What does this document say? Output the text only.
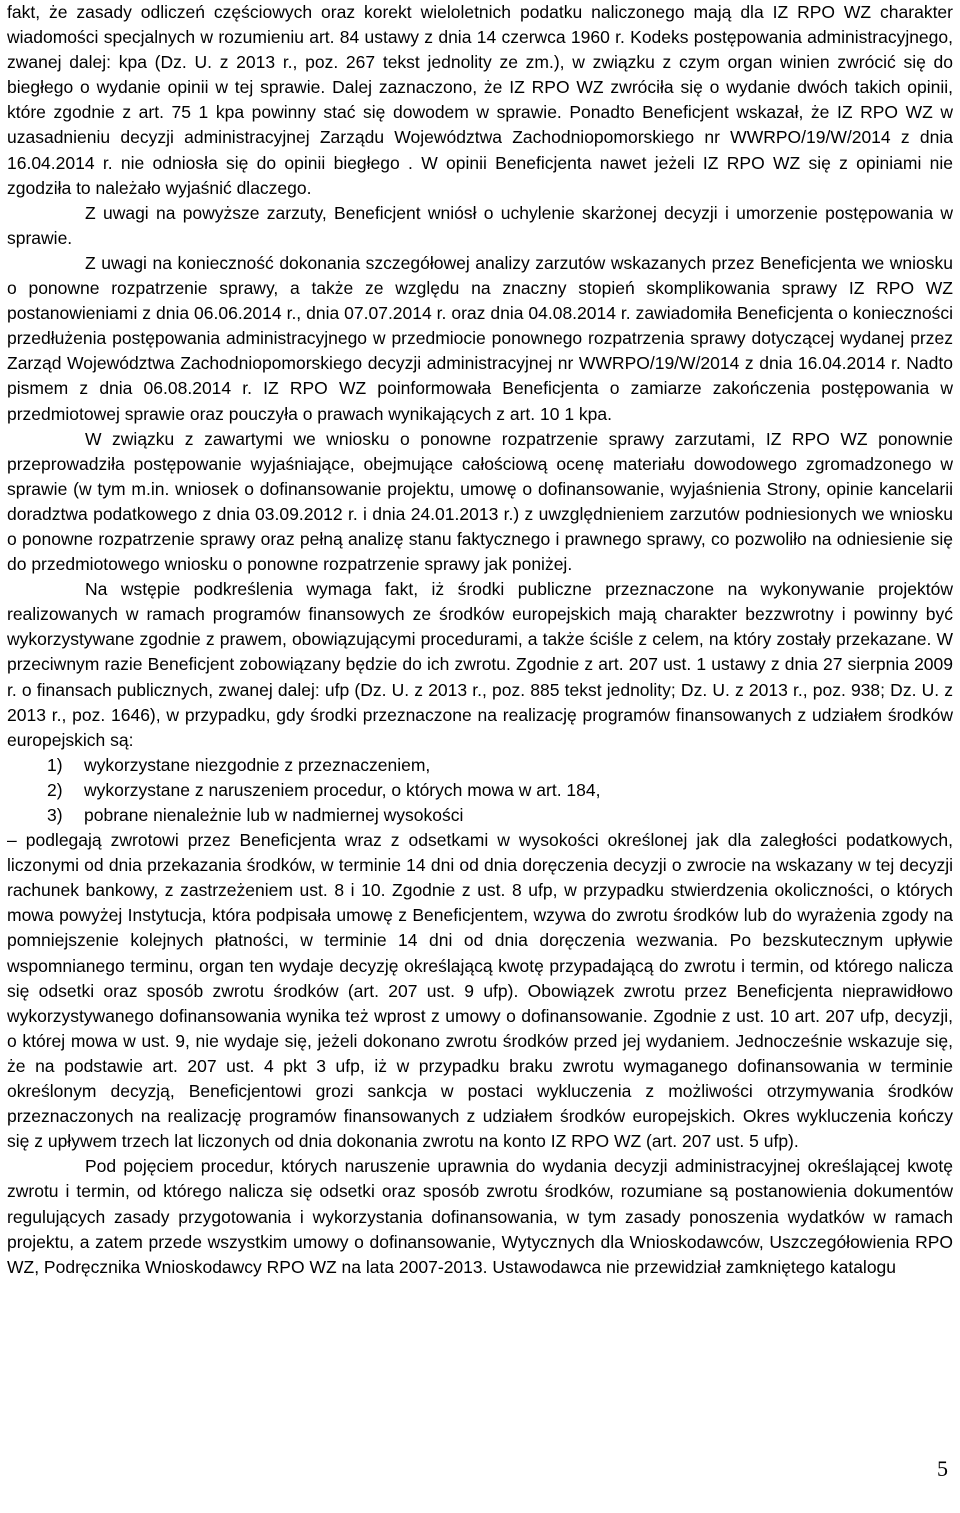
fakt, że zasady odliczeń częściowych oraz korekt wieloletnich podatku naliczonego mają dla IZ RPO WZ charakter wiadomości specjalnych w rozumieniu art. 84 ustawy z dnia 14 czerwca 1960 r. Kodeks postępowania administracyjnego, zwanej dalej: kpa (Dz. U. z 2013 r., poz. 267 tekst jednolity ze zm.), w związku z czym organ winien zwrócić się do biegłego o wydanie opinii w tej sprawie. Dalej zaznaczono, że IZ RPO WZ zwróciła się o wydanie dwóch takich opinii, które zgodnie z art. 75 1 kpa powinny stać się dowodem w sprawie. Ponadto Beneficjent wskazał, że IZ RPO WZ w uzasadnieniu decyzji administracyjnej Zarządu Województwa Zachodniopomorskiego nr WWRPO/19/W/2014 z dnia 16.04.2014 r. nie odniosła się do opinii biegłego . W opinii Beneficjenta nawet jeżeli IZ RPO WZ się z opiniami nie zgodziła to należało wyjaśnić dlaczego.

Z uwagi na powyższe zarzuty, Beneficjent wniósł o uchylenie skarżonej decyzji i umorzenie postępowania w sprawie.

Z uwagi na konieczność dokonania szczegółowej analizy zarzutów wskazanych przez Beneficjenta we wniosku o ponowne rozpatrzenie sprawy, a także ze względu na znaczny stopień skomplikowania sprawy IZ RPO WZ postanowieniami z dnia 06.06.2014 r., dnia 07.07.2014 r. oraz dnia 04.08.2014 r. zawiadomiła Beneficjenta o konieczności przedłużenia postępowania administracyjnego w przedmiocie ponownego rozpatrzenia sprawy dotyczącej wydanej przez Zarząd Województwa Zachodniopomorskiego decyzji administracyjnej nr WWRPO/19/W/2014 z dnia 16.04.2014 r. Nadto pismem z dnia 06.08.2014 r. IZ RPO WZ poinformowała Beneficjenta o zamiarze zakończenia postępowania w przedmiotowej sprawie oraz pouczyła o prawach wynikających z art. 10 1 kpa.

W związku z zawartymi we wniosku o ponowne rozpatrzenie sprawy zarzutami, IZ RPO WZ ponownie przeprowadziła postępowanie wyjaśniające, obejmujące całościową ocenę materiału dowodowego zgromadzonego w sprawie (w tym m.in. wniosek o dofinansowanie projektu, umowę o dofinansowanie, wyjaśnienia Strony, opinie kancelarii doradztwa podatkowego z dnia 03.09.2012 r. i dnia 24.01.2013 r.) z uwzględnieniem zarzutów podniesionych we wniosku o ponowne rozpatrzenie sprawy oraz pełną analizę stanu faktycznego i prawnego sprawy, co pozwoliło na odniesienie się do przedmiotowego wniosku o ponowne rozpatrzenie sprawy jak poniżej.

Na wstępie podkreślenia wymaga fakt, iż środki publiczne przeznaczone na wykonywanie projektów realizowanych w ramach programów finansowych ze środków europejskich mają charakter bezzwrotny i powinny być wykorzystywane zgodnie z prawem, obowiązującymi procedurami, a także ściśle z celem, na który zostały przekazane. W przeciwnym razie Beneficjent zobowiązany będzie do ich zwrotu. Zgodnie z art. 207 ust. 1 ustawy z dnia 27 sierpnia 2009 r. o finansach publicznych, zwanej dalej: ufp (Dz. U. z 2013 r., poz. 885 tekst jednolity; Dz. U. z 2013 r., poz. 938; Dz. U. z 2013 r., poz. 1646), w przypadku, gdy środki przeznaczone na realizację programów finansowanych z udziałem środków europejskich są:

1)	wykorzystane niezgodnie z przeznaczeniem,
2)	wykorzystane z naruszeniem procedur, o których mowa w art. 184,
3)	pobrane nienależnie lub w nadmiernej wysokości

– podlegają zwrotowi przez Beneficjenta wraz z odsetkami w wysokości określonej jak dla zaległości podatkowych, liczonymi od dnia przekazania środków, w terminie 14 dni od dnia doręczenia decyzji o zwrocie na wskazany w tej decyzji rachunek bankowy, z zastrzeżeniem ust. 8 i 10. Zgodnie z ust. 8 ufp, w przypadku stwierdzenia okoliczności, o których mowa powyżej Instytucja, która podpisała umowę z Beneficjentem, wzywa do zwrotu środków lub do wyrażenia zgody na pomniejszenie kolejnych płatności, w terminie 14 dni od dnia doręczenia wezwania. Po bezskutecznym upływie wspomnianego terminu, organ ten wydaje decyzję określającą kwotę przypadającą do zwrotu i termin, od którego nalicza się odsetki oraz sposób zwrotu środków (art. 207 ust. 9 ufp). Obowiązek zwrotu przez Beneficjenta nieprawidłowo wykorzystywanego dofinansowania wynika też wprost z umowy o dofinansowanie. Zgodnie z ust. 10 art. 207 ufp, decyzji, o której mowa w ust. 9, nie wydaje się, jeżeli dokonano zwrotu środków przed jej wydaniem. Jednocześnie wskazuje się, że na podstawie art. 207 ust. 4 pkt 3 ufp, iż w przypadku braku zwrotu wymaganego dofinansowania w terminie określonym decyzją, Beneficjentowi grozi sankcja w postaci wykluczenia z możliwości otrzymywania środków przeznaczonych na realizację programów finansowanych z udziałem środków europejskich. Okres wykluczenia kończy się z upływem trzech lat liczonych od dnia dokonania zwrotu na konto IZ RPO WZ (art. 207 ust. 5 ufp).

Pod pojęciem procedur, których naruszenie uprawnia do wydania decyzji administracyjnej określającej kwotę zwrotu i termin, od którego nalicza się odsetki oraz sposób zwrotu środków, rozumiane są postanowienia dokumentów regulujących zasady przygotowania i wykorzystania dofinansowania, w tym zasady ponoszenia wydatków w ramach projektu, a zatem przede wszystkim umowy o dofinansowanie, Wytycznych dla Wnioskodawców, Uszczegółowienia RPO WZ, Podręcznika Wnioskodawcy RPO WZ na lata 2007-2013. Ustawodawca nie przewidział zamkniętego katalogu

5
